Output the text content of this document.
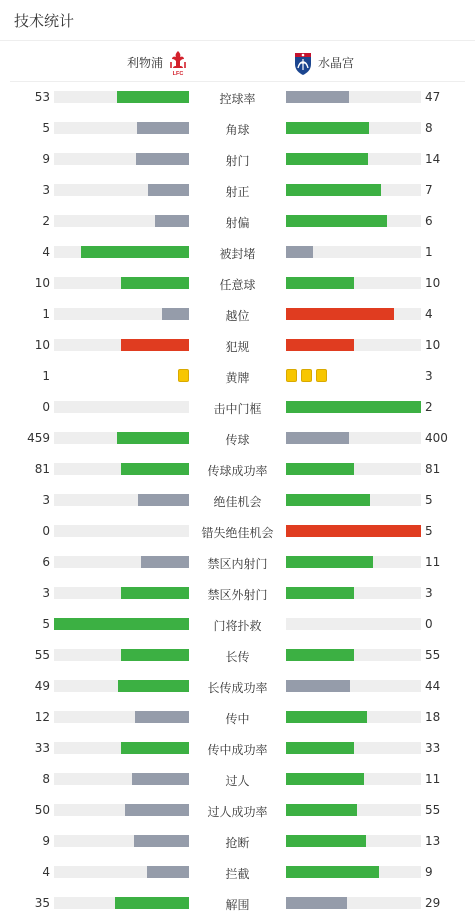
技术统计
利物浦
LFC
水晶宫
53	控球率	47
5	角球	8
9	射门	14
3	射正	7
2	射偏	6
4	被封堵	1
10	任意球	10
1	越位	4
10	犯规	10
1	黄牌	3
0	击中门框	2
459	传球	400
81	传球成功率	81
3	绝佳机会	5
0	错失绝佳机会	5
6	禁区内射门	11
3	禁区外射门	3
5	门将扑救	0
55	长传	55
49	长传成功率	44
12	传中	18
33	传中成功率	33
8	过人	11
50	过人成功率	55
9	抢断	13
4	拦截	9
35	解围	29
